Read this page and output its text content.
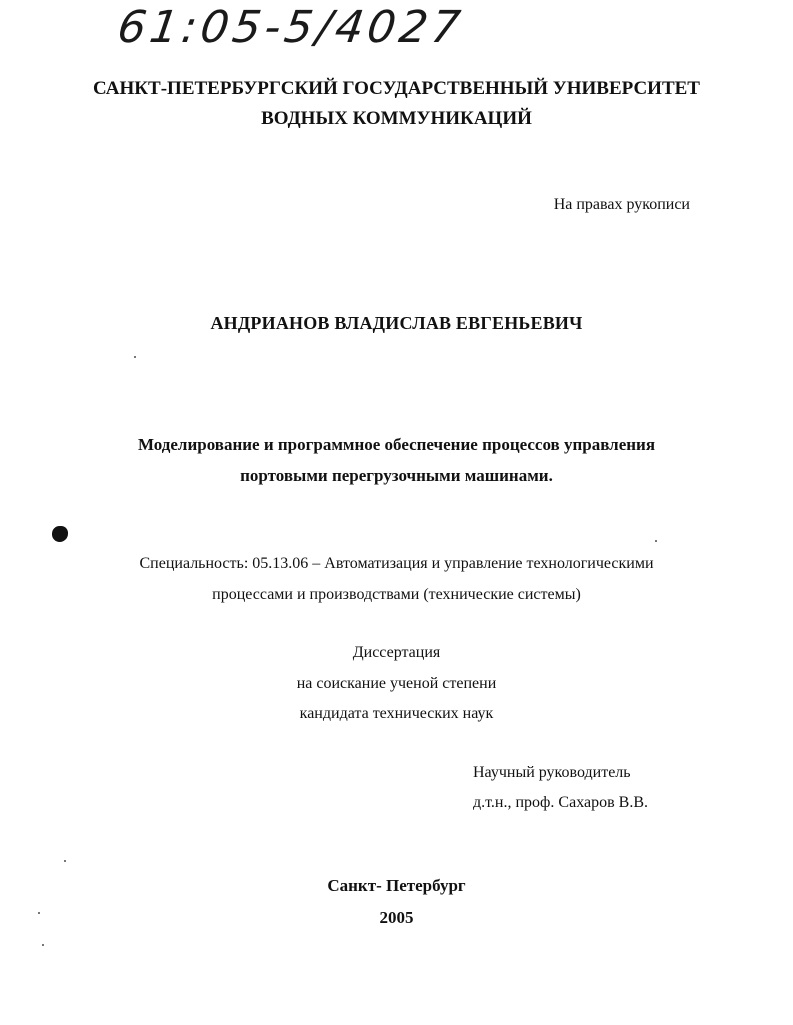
61:05-5/4027
САНКТ-ПЕТЕРБУРГСКИЙ ГОСУДАРСТВЕННЫЙ УНИВЕРСИТЕТ
ВОДНЫХ КОММУНИКАЦИЙ
На правах рукописи
АНДРИАНОВ ВЛАДИСЛАВ ЕВГЕНЬЕВИЧ
Моделирование и программное обеспечение процессов управления
портовыми перегрузочными машинами.
Специальность: 05.13.06 – Автоматизация и управление технологическими
процессами и производствами (технические системы)
Диссертация
на соискание ученой степени
кандидата технических наук
Научный руководитель
д.т.н., проф. Сахаров В.В.
Санкт- Петербург
2005
